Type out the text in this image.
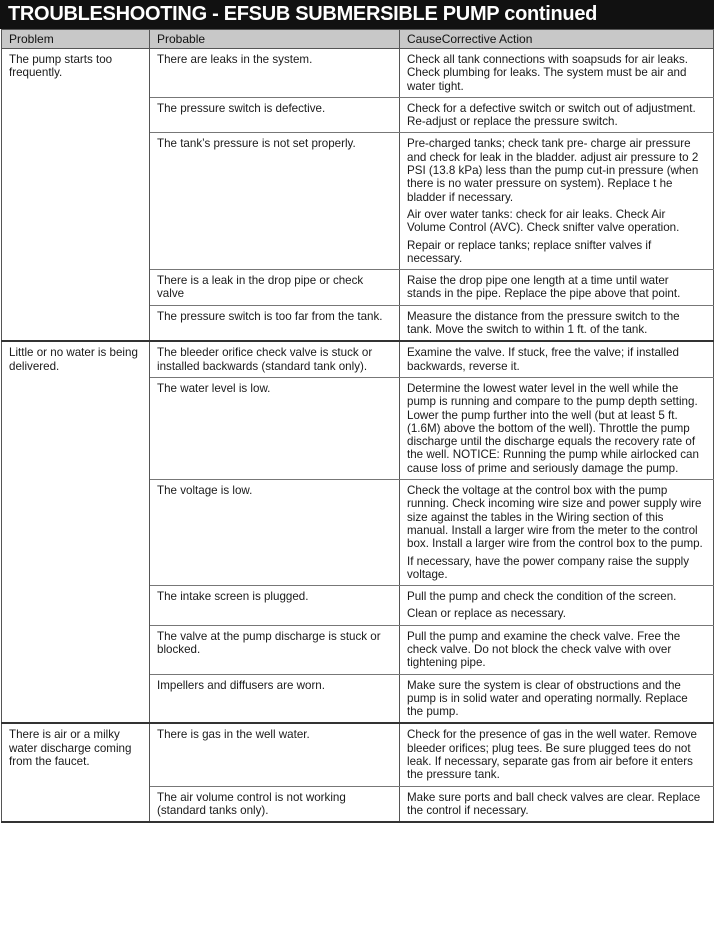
TROUBLESHOOTING - EFSUB SUBMERSIBLE PUMP continued
Problem	Probable	CauseCorrective Action
The pump starts too frequently.	There are leaks in the system.	Check all tank connections with soapsuds for air leaks. Check plumbing for leaks. The system must be air and water tight.

	The pressure switch is defective.	Check for a defective switch or switch out of adjustment. Re-adjust or replace the pressure switch.

	The tank’s pressure is not set properly.	Pre-charged tanks; check tank pre- charge air pressure and check for leak in the bladder. adjust air pressure to 2 PSI (13.8 kPa) less than the pump cut-in pressure (when there is no water pressure on system). Replace t he bladder if necessary.

Air over water tanks: check for air leaks. Check Air Volume Control (AVC). Check snifter valve operation.

Repair or replace tanks; replace snifter valves if necessary.

	There is a leak in the drop pipe or check valve	Raise the drop pipe one length at a time until water stands in the pipe. Replace the pipe above that point.

	The pressure switch is too far from the tank.	Measure the distance from the pressure switch to the tank. Move the switch to within 1 ft. of the tank.

Little or no water is being delivered.	The bleeder orifice check valve is stuck or installed backwards (standard tank only).	Examine the valve. If stuck, free the valve; if installed backwards, reverse it.

	The water level is low.	Determine the lowest water level in the well while the pump is running and compare to the pump depth setting. Lower the pump further into the well (but at least 5 ft. (1.6M) above the bottom of the well). Throttle the pump discharge until the discharge equals the recovery rate of the well. NOTICE: Running the pump while airlocked can cause loss of prime and seriously damage the pump.

	The voltage is low.	Check the voltage at the control box with the pump running. Check incoming wire size and power supply wire size against the tables in the Wiring section of this manual. Install a larger wire from the meter to the control box. Install a larger wire from the control box to the pump.

If necessary, have the power company raise the supply voltage.

	The intake screen is plugged.	Pull the pump and check the condition of the screen.

Clean or replace as necessary.

	The valve at the pump discharge is stuck or blocked.	Pull the pump and examine the check valve. Free the check valve. Do not block the check valve with over tightening pipe.

	Impellers and diffusers are worn.	Make sure the system is clear of obstructions and the pump is in solid water and operating normally. Replace the pump.

There is air or a milky water discharge coming from the faucet.	There is gas in the well water.	Check for the presence of gas in the well water. Remove bleeder orifices; plug tees. Be sure plugged tees do not leak. If necessary, separate gas from air before it enters the pressure tank.

	The air volume control is not working (standard tanks only).	Make sure ports and ball check valves are clear. Replace the control if necessary.
